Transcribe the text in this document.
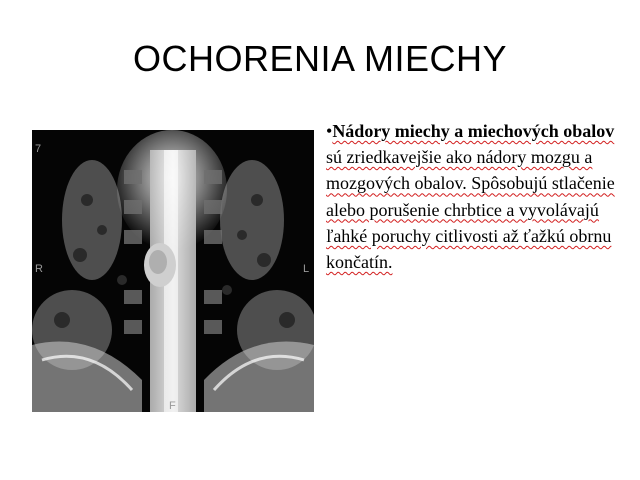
OCHORENIA MIECHY
7
R	L
F
•Nádory miechy a miechových obalov sú zriedkavejšie ako nádory mozgu a mozgových obalov. Spôsobujú stlačenie alebo porušenie chrbtice a vyvolávajú ľahké poruchy citlivosti až ťažkú obrnu končatín.
